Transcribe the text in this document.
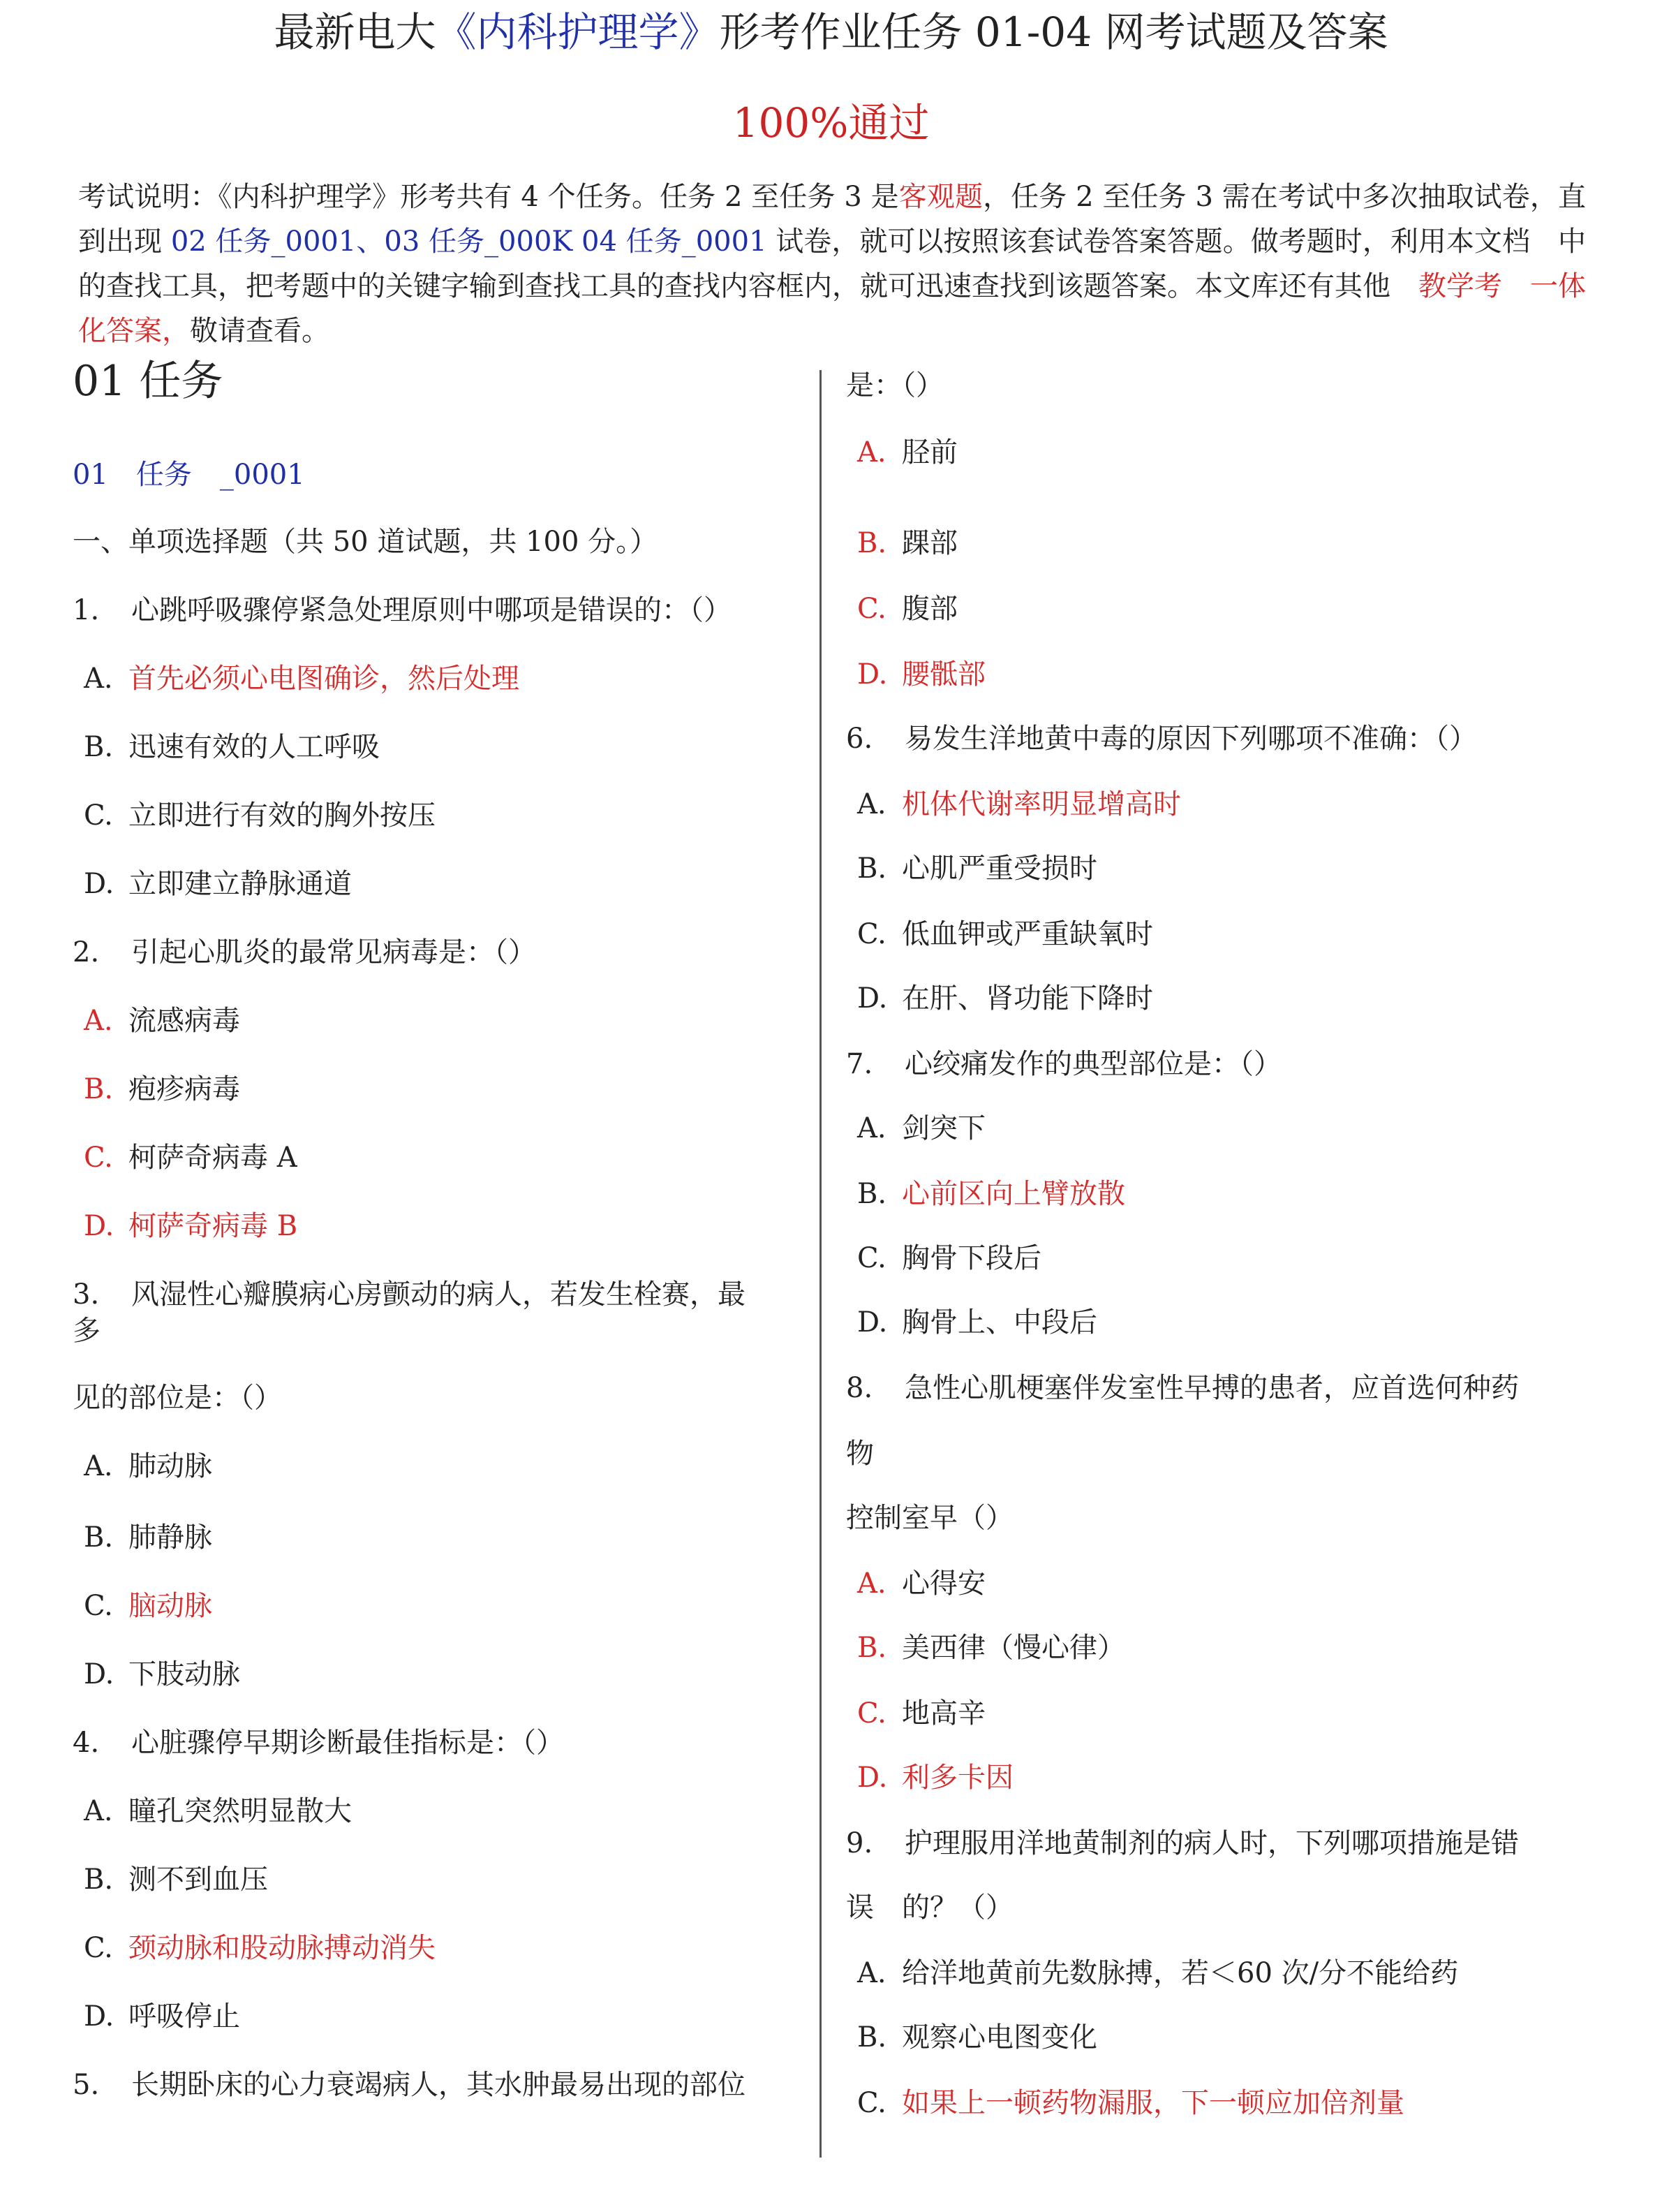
最新电大《内科护理学》形考作业任务 01-04 网考试题及答案
100%通过
考试说明：《内科护理学》形考共有 4 个任务。任务 2 至任务 3 是客观题，任务 2 至任务 3 需在考试中多次抽取试卷，直到出现 02 任务_0001、03 任务_000K 04 任务_0001 试卷，就可以按照该套试卷答案答题。做考题时，利用本文档　中的查找工具，把考题中的关键字输到查找工具的查找内容框内，就可迅速查找到该题答案。本文库还有其他　教学考　一体化答案，敬请查看。
01 任务
01　任务　_0001
一、单项选择题（共 50 道试题，共 100 分。）
1. 心跳呼吸骤停紧急处理原则中哪项是错误的：（）
A. 首先必须心电图确诊，然后处理
B. 迅速有效的人工呼吸
C. 立即进行有效的胸外按压
D. 立即建立静脉通道
2. 引起心肌炎的最常见病毒是：（）
A. 流感病毒
B. 疱疹病毒
C. 柯萨奇病毒 A
D. 柯萨奇病毒 B
3. 风湿性心瓣膜病心房颤动的病人，若发生栓赛，最
多
见的部位是：（）
A. 肺动脉
B. 肺静脉
C. 脑动脉
D. 下肢动脉
4. 心脏骤停早期诊断最佳指标是：（）
A. 瞳孔突然明显散大
B. 测不到血压
C. 颈动脉和股动脉搏动消失
D. 呼吸停止
5. 长期卧床的心力衰竭病人，其水肿最易出现的部位
是：（）
A. 胫前
B. 踝部
C. 腹部
D. 腰骶部
6. 易发生洋地黄中毒的原因下列哪项不准确：（）
A. 机体代谢率明显增高时
B. 心肌严重受损时
C. 低血钾或严重缺氧时
D. 在肝、肾功能下降时
7. 心绞痛发作的典型部位是：（）
A. 剑突下
B. 心前区向上臂放散
C. 胸骨下段后
D. 胸骨上、中段后
8. 急性心肌梗塞伴发室性早搏的患者，应首选何种药
物
控制室早（）
A. 心得安
B. 美西律（慢心律）
C. 地高辛
D. 利多卡因
9. 护理服用洋地黄制剂的病人时，下列哪项措施是错
误　的？（）
A. 给洋地黄前先数脉搏，若＜60 次/分不能给药
B. 观察心电图变化
C. 如果上一顿药物漏服，下一顿应加倍剂量
